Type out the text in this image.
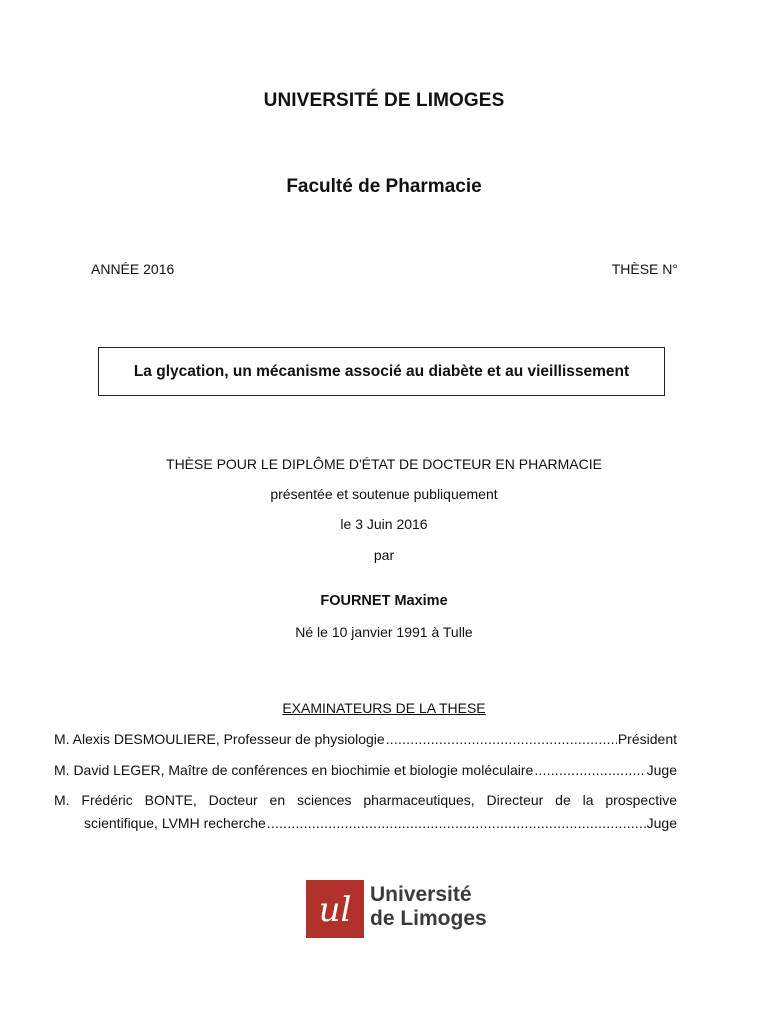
UNIVERSITÉ DE LIMOGES
Faculté de Pharmacie
ANNÉE 2016	THÈSE N°
La glycation, un mécanisme associé au diabète et au vieillissement
THÈSE POUR LE DIPLÔME D'ÉTAT DE DOCTEUR EN PHARMACIE
présentée et soutenue publiquement
le 3 Juin 2016
par
FOURNET Maxime
Né le 10 janvier 1991 à Tulle
EXAMINATEURS DE LA THESE
M. Alexis DESMOULIERE, Professeur de physiologie .....	Président
M. David LEGER, Maître de conférences en biochimie et biologie moléculaire .....	Juge
M. Frédéric BONTE, Docteur en sciences pharmaceutiques, Directeur de la prospective
scientifique, LVMH recherche .....	Juge
ul Université
de Limoges
